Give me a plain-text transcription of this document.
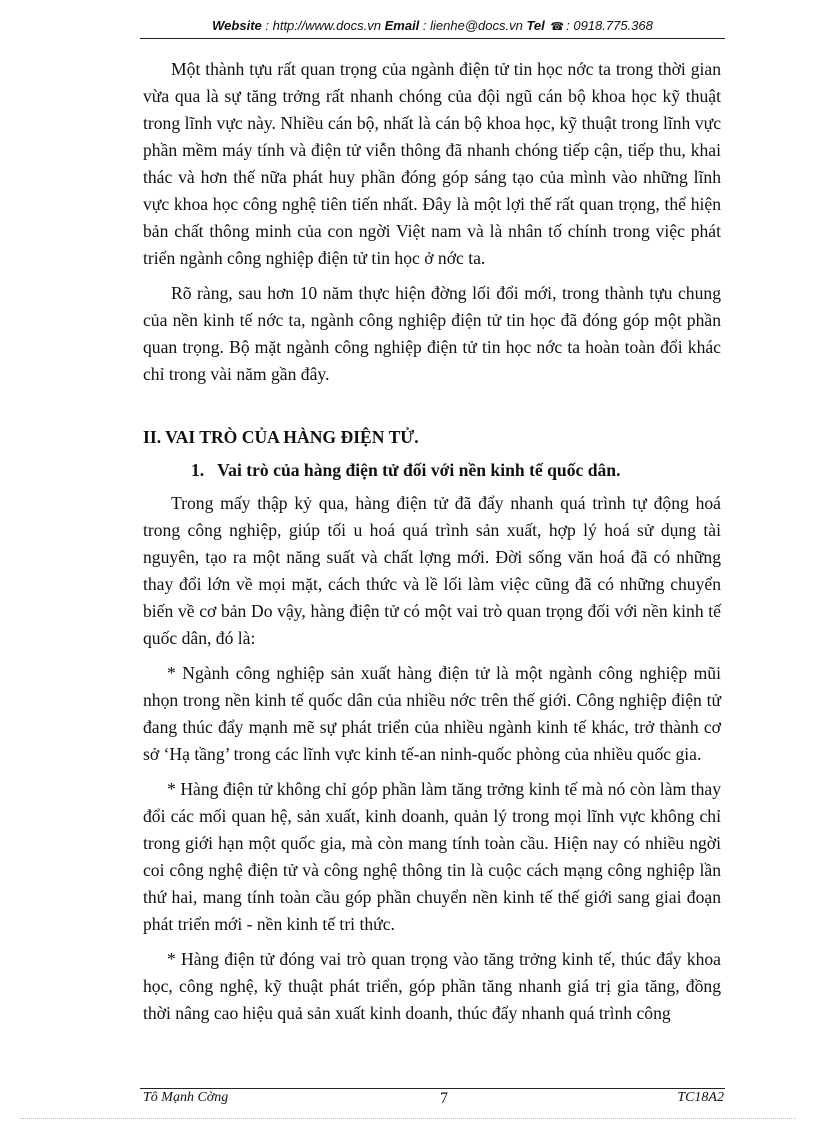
Website : http://www.docs.vn Email : lienhe@docs.vn Tel ☎ : 0918.775.368

Một thành tựu rất quan trọng của ngành điện tử tin học nớc ta trong thời gian vừa qua là sự tăng trởng rất nhanh chóng của đội ngũ cán bộ khoa học kỹ thuật trong lĩnh vực này. Nhiều cán bộ, nhất là cán bộ khoa học, kỹ thuật trong lĩnh vực phần mềm máy tính và điện tử viễn thông đã nhanh chóng tiếp cận, tiếp thu, khai thác và hơn thế nữa phát huy phần đóng góp sáng tạo của mình vào những lĩnh vực khoa học công nghệ tiên tiến nhất. Đây là một lợi thế rất quan trọng, thể hiện bản chất thông minh của con ngời Việt nam và là nhân tố chính trong việc phát triển ngành công nghiệp điện tử tin học ở nớc ta.

Rõ ràng, sau hơn 10 năm thực hiện đờng lối đổi mới, trong thành tựu chung của nền kinh tế nớc ta, ngành công nghiệp điện tử tin học đã đóng góp một phần quan trọng. Bộ mặt ngành công nghiệp điện tử tin học nớc ta hoàn toàn đổi khác chỉ trong vài năm gần đây.

II. VAI TRÒ CỦA HÀNG ĐIỆN TỬ.
1. Vai trò của hàng điện tử đối với nền kinh tế quốc dân.

Trong mấy thập kỷ qua, hàng điện tử đã đẩy nhanh quá trình tự động hoá trong công nghiệp, giúp tối u hoá quá trình sản xuất, hợp lý hoá sử dụng tài nguyên, tạo ra một năng suất và chất lợng mới. Đời sống văn hoá đã có những thay đổi lớn về mọi mặt, cách thức và lề lối làm việc cũng đã có những chuyển biến về cơ bản Do vậy, hàng điện tử có một vai trò quan trọng đối với nền kinh tế quốc dân, đó là:

* Ngành công nghiệp sản xuất hàng điện tử là một ngành công nghiệp mũi nhọn trong nền kinh tế quốc dân của nhiều nớc trên thế giới. Công nghiệp điện tử đang thúc đẩy mạnh mẽ sự phát triển của nhiều ngành kinh tế khác, trở thành cơ sở ‘Hạ tầng’ trong các lĩnh vực kinh tế-an ninh-quốc phòng của nhiều quốc gia.

* Hàng điện tử không chỉ góp phần làm tăng trởng kinh tế mà nó còn làm thay đổi các mối quan hệ, sản xuất, kinh doanh, quản lý trong mọi lĩnh vực không chỉ trong giới hạn một quốc gia, mà còn mang tính toàn cầu. Hiện nay có nhiều ngời coi công nghệ điện tử và công nghệ thông tin là cuộc cách mạng công nghiệp lần thứ hai, mang tính toàn cầu góp phần chuyển nền kinh tế thế giới sang giai đoạn phát triển mới - nền kinh tế tri thức.

* Hàng điện tử đóng vai trò quan trọng vào tăng trởng kinh tế, thúc đẩy khoa học, công nghệ, kỹ thuật phát triển, góp phần tăng nhanh giá trị gia tăng, đồng thời nâng cao hiệu quả sản xuất kinh doanh, thúc đẩy nhanh quá trình công

Tô Mạnh Cờng	7	TC18A2
